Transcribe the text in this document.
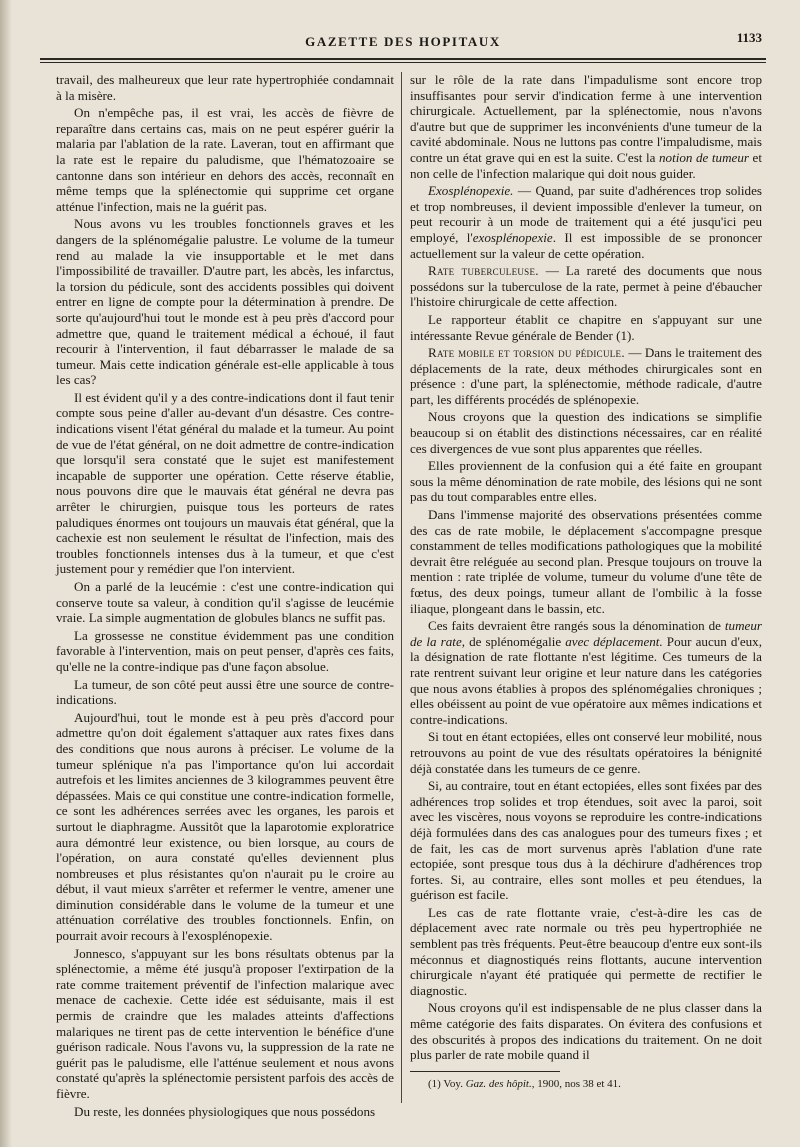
GAZETTE DES HOPITAUX	1133

travail, des malheureux que leur rate hypertrophiée condamnait à la misère.

On n'empêche pas, il est vrai, les accès de fièvre de reparaître dans certains cas, mais on ne peut espérer guérir la malaria par l'ablation de la rate. Laveran, tout en affirmant que la rate est le repaire du paludisme, que l'hématozoaire se cantonne dans son intérieur en dehors des accès, reconnaît en même temps que la splénectomie qui supprime cet organe atténue l'infection, mais ne la guérit pas.

Nous avons vu les troubles fonctionnels graves et les dangers de la splénomégalie palustre. Le volume de la tumeur rend au malade la vie insupportable et le met dans l'impossibilité de travailler. D'autre part, les abcès, les infarctus, la torsion du pédicule, sont des accidents possibles qui doivent entrer en ligne de compte pour la détermination à prendre. De sorte qu'aujourd'hui tout le monde est à peu près d'accord pour admettre que, quand le traitement médical a échoué, il faut recourir à l'intervention, il faut débarrasser le malade de sa tumeur. Mais cette indication générale est-elle applicable à tous les cas?

Il est évident qu'il y a des contre-indications dont il faut tenir compte sous peine d'aller au-devant d'un désastre. Ces contre-indications visent l'état général du malade et la tumeur. Au point de vue de l'état général, on ne doit admettre de contre-indication que lorsqu'il sera constaté que le sujet est manifestement incapable de supporter une opération. Cette réserve établie, nous pouvons dire que le mauvais état général ne devra pas arrêter le chirurgien, puisque tous les porteurs de rates paludiques énormes ont toujours un mauvais état général, que la cachexie est non seulement le résultat de l'infection, mais des troubles fonctionnels intenses dus à la tumeur, et que c'est justement pour y remédier que l'on intervient.

On a parlé de la leucémie : c'est une contre-indication qui conserve toute sa valeur, à condition qu'il s'agisse de leucémie vraie. La simple augmentation de globules blancs ne suffit pas.

La grossesse ne constitue évidemment pas une condition favorable à l'intervention, mais on peut penser, d'après ces faits, qu'elle ne la contre-indique pas d'une façon absolue.

La tumeur, de son côté peut aussi être une source de contre-indications.

Aujourd'hui, tout le monde est à peu près d'accord pour admettre qu'on doit également s'attaquer aux rates fixes dans des conditions que nous aurons à préciser. Le volume de la tumeur splénique n'a pas l'importance qu'on lui accordait autrefois et les limites anciennes de 3 kilogrammes peuvent être dépassées. Mais ce qui constitue une contre-indication formelle, ce sont les adhérences serrées avec les organes, les parois et surtout le diaphragme. Aussitôt que la laparotomie exploratrice aura démontré leur existence, ou bien lorsque, au cours de l'opération, on aura constaté qu'elles deviennent plus nombreuses et plus résistantes qu'on n'aurait pu le croire au début, il vaut mieux s'arrêter et refermer le ventre, amener une diminution considérable dans le volume de la tumeur et une atténuation corrélative des troubles fonctionnels. Enfin, on pourrait avoir recours à l'exosplénopexie.

Jonnesco, s'appuyant sur les bons résultats obtenus par la splénectomie, a même été jusqu'à proposer l'extirpation de la rate comme traitement préventif de l'infection malarique avec menace de cachexie. Cette idée est séduisante, mais il est permis de craindre que les malades atteints d'affections malariques ne tirent pas de cette intervention le bénéfice d'une guérison radicale. Nous l'avons vu, la suppression de la rate ne guérit pas le paludisme, elle l'atténue seulement et nous avons constaté qu'après la splénectomie persistent parfois des accès de fièvre.

Du reste, les données physiologiques que nous possédons

sur le rôle de la rate dans l'impadulisme sont encore trop insuffisantes pour servir d'indication ferme à une intervention chirurgicale. Actuellement, par la splénectomie, nous n'avons d'autre but que de supprimer les inconvénients d'une tumeur de la cavité abdominale. Nous ne luttons pas contre l'impaludisme, mais contre un état grave qui en est la suite. C'est la notion de tumeur et non celle de l'infection malarique qui doit nous guider.

Exosplénopexie. — Quand, par suite d'adhérences trop solides et trop nombreuses, il devient impossible d'enlever la tumeur, on peut recourir à un mode de traitement qui a été jusqu'ici peu employé, l'exosplénopexie. Il est impossible de se prononcer actuellement sur la valeur de cette opération.

Rate tuberculeuse. — La rareté des documents que nous possédons sur la tuberculose de la rate, permet à peine d'ébaucher l'histoire chirurgicale de cette affection.

Le rapporteur établit ce chapitre en s'appuyant sur une intéressante Revue générale de Bender (1).

Rate mobile et torsion du pédicule. — Dans le traitement des déplacements de la rate, deux méthodes chirurgicales sont en présence : d'une part, la splénectomie, méthode radicale, d'autre part, les différents procédés de splénopexie.

Nous croyons que la question des indications se simplifie beaucoup si on établit des distinctions nécessaires, car en réalité ces divergences de vue sont plus apparentes que réelles.

Elles proviennent de la confusion qui a été faite en groupant sous la même dénomination de rate mobile, des lésions qui ne sont pas du tout comparables entre elles.

Dans l'immense majorité des observations présentées comme des cas de rate mobile, le déplacement s'accompagne presque constamment de telles modifications pathologiques que la mobilité devrait être reléguée au second plan. Presque toujours on trouve la mention : rate triplée de volume, tumeur du volume d'une tête de fœtus, des deux poings, tumeur allant de l'ombilic à la fosse iliaque, plongeant dans le bassin, etc.

Ces faits devraient être rangés sous la dénomination de tumeur de la rate, de splénomégalie avec déplacement. Pour aucun d'eux, la désignation de rate flottante n'est légitime. Ces tumeurs de la rate rentrent suivant leur origine et leur nature dans les catégories que nous avons établies à propos des splénomégalies chroniques ; elles obéissent au point de vue opératoire aux mêmes indications et contre-indications.

Si tout en étant ectopiées, elles ont conservé leur mobilité, nous retrouvons au point de vue des résultats opératoires la bénignité déjà constatée dans les tumeurs de ce genre.

Si, au contraire, tout en étant ectopiées, elles sont fixées par des adhérences trop solides et trop étendues, soit avec la paroi, soit avec les viscères, nous voyons se reproduire les contre-indications déjà formulées dans des cas analogues pour des tumeurs fixes ; et de fait, les cas de mort survenus après l'ablation d'une rate ectopiée, sont presque tous dus à la déchirure d'adhérences trop fortes. Si, au contraire, elles sont molles et peu étendues, la guérison est facile.

Les cas de rate flottante vraie, c'est-à-dire les cas de déplacement avec rate normale ou très peu hypertrophiée ne semblent pas très fréquents. Peut-être beaucoup d'entre eux sont-ils méconnus et diagnostiqués reins flottants, aucune intervention chirurgicale n'ayant été pratiquée qui permette de rectifier le diagnostic.

Nous croyons qu'il est indispensable de ne plus classer dans la même catégorie des faits disparates. On évitera des confusions et des obscurités à propos des indications du traitement. On ne doit plus parler de rate mobile quand il

(1) Voy. Gaz. des hôpit., 1900, nos 38 et 41.
